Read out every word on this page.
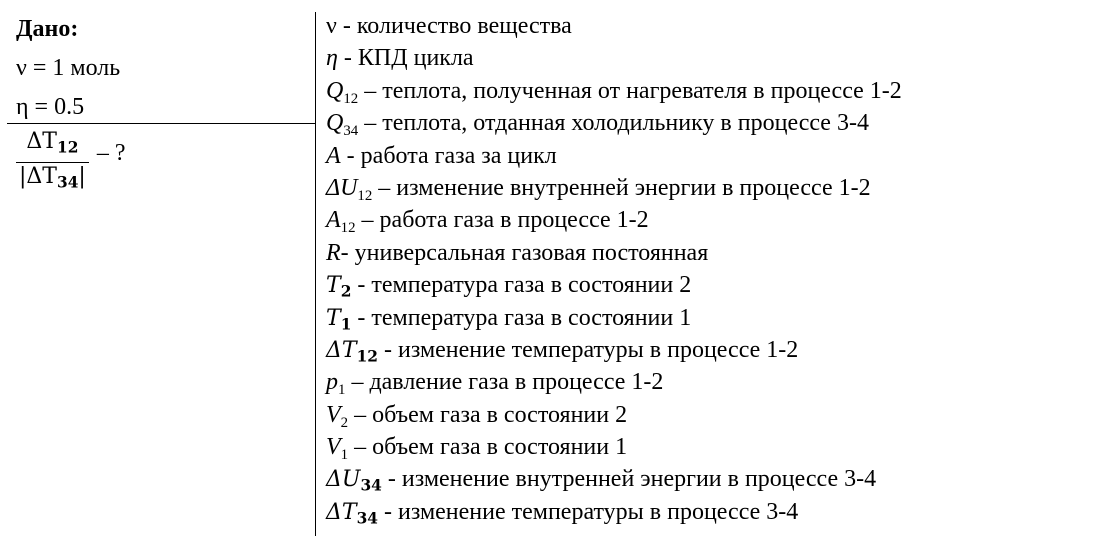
Дано:
ν = 1 моль
η = 0.5
$\frac{\Delta T_{12}}{|\Delta T_{34}|}$ – ?
ν - количество вещества
η - КПД цикла
$Q_{12}$ – теплота, полученная от нагревателя в процессе 1-2
$Q_{34}$ – теплота, отданная холодильнику в процессе 3-4
A - работа газа за цикл
$\Delta U_{12}$ – изменение внутренней энергии в процессе 1-2
$A_{12}$ – работа газа в процессе 1-2
R- универсальная газовая постоянная
$T_2$ - температура газа в состоянии 2
$T_1$ - температура газа в состоянии 1
$\Delta T_{12}$ - изменение температуры в процессе 1-2
$p_1$ – давление газа в процессе 1-2
$V_2$ – объем газа в состоянии 2
$V_1$ – объем газа в состоянии 1
$\Delta U_{34}$ - изменение внутренней энергии в процессе 3-4
$\Delta T_{34}$ - изменение температуры в процессе 3-4
